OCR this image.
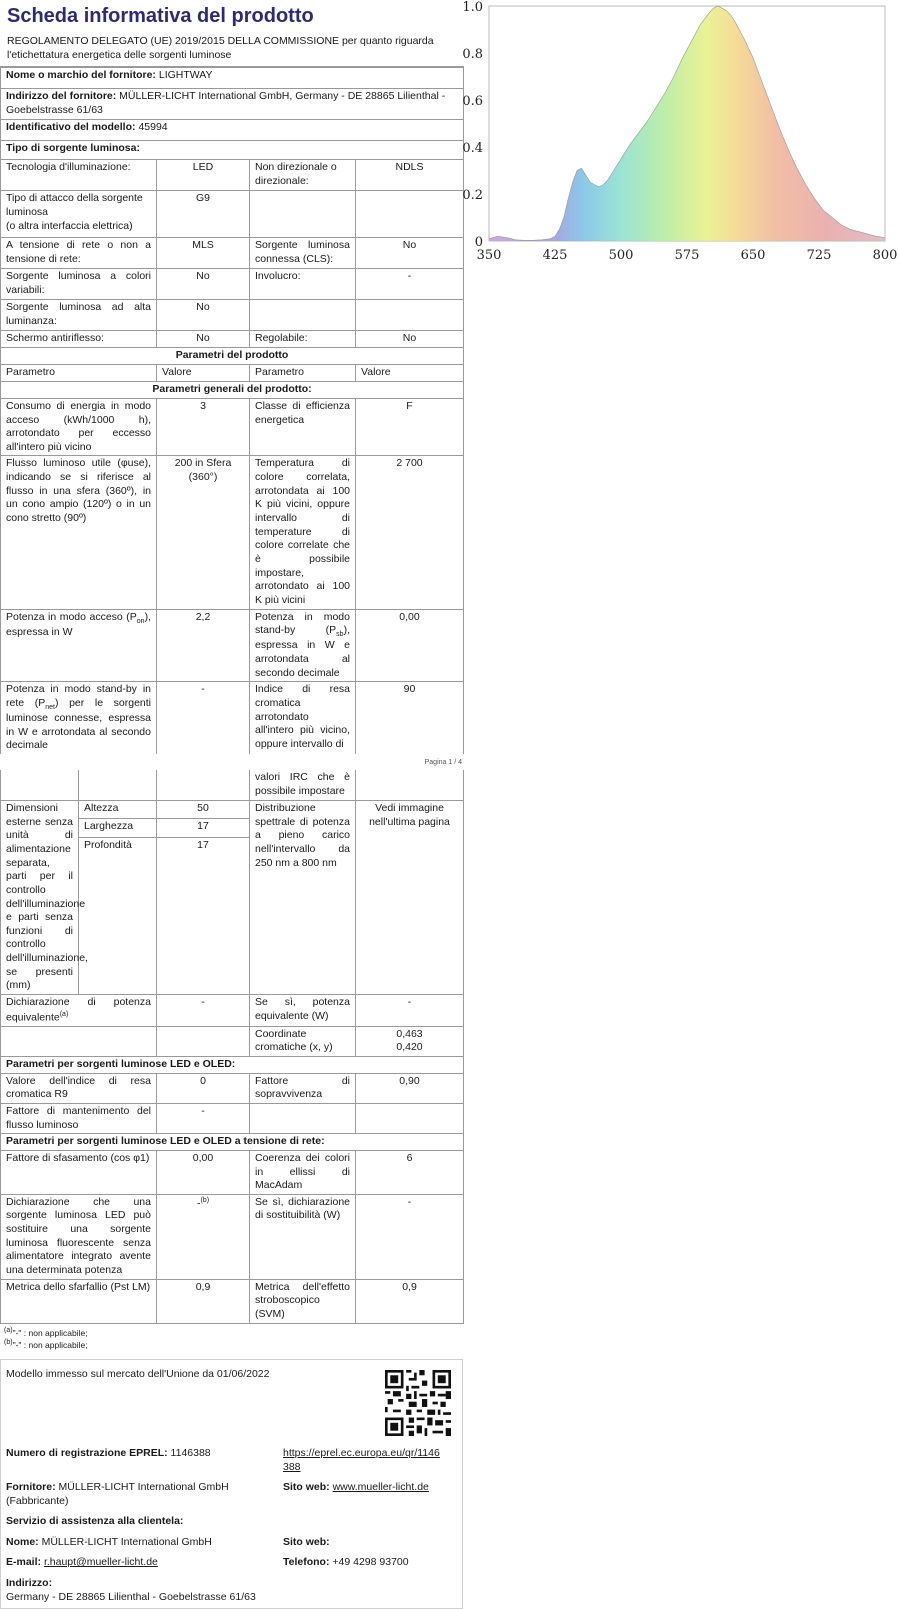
Scheda informativa del prodotto
REGOLAMENTO DELEGATO (UE) 2019/2015 DELLA COMMISSIONE per quanto riguarda l'etichettatura energetica delle sorgenti luminose
Nome o marchio del fornitore: LIGHTWAY			
Indirizzo del fornitore: MÜLLER-LICHT International GmbH, Germany - DE 28865 Lilienthal - Goebelstrasse 61/63			
Identificativo del modello: 45994			
Tipo di sorgente luminosa:			
Tecnologia d'illuminazione:	LED	Non direzionale o direzionale:	NDLS
Tipo di attacco della sorgente luminosa
(o altra interfaccia elettrica)	G9		
A tensione di rete o non a tensione di rete:	MLS	Sorgente luminosa connessa (CLS):	No
Sorgente luminosa a colori variabili:	No	Involucro:	-
Sorgente luminosa ad alta luminanza:	No		
Schermo antiriflesso:	No	Regolabile:	No
Parametri del prodotto			
Parametro	Valore	Parametro	Valore
Parametri generali del prodotto:			
Consumo di energia in modo acceso (kWh/1000 h), arrotondato per eccesso all'intero più vicino	3	Classe di efficienza energetica	F
Flusso luminoso utile (φuse), indicando se si riferisce al flusso in una sfera (360º), in un cono ampio (120º) o in un cono stretto (90º)	200 in Sfera (360°)	Temperatura di colore correlata, arrotondata ai 100 K più vicini, oppure intervallo di temperature di colore correlate che è possibile impostare, arrotondato ai 100 K più vicini	2 700
Potenza in modo acceso $(P_{on})$, espressa in W	2,2	Potenza in modo stand-by $(P_{sb})$, espressa in W e arrotondata al secondo decimale	0,00
Potenza in modo stand-by in rete $(P_{net})$ per le sorgenti luminose connesse, espressa in W e arrotondata al secondo decimale	-	Indice di resa cromatica arrotondato all'intero più vicino, oppure intervallo di	90
Pagina 1 / 4
			valori IRC che è possibile impostare	
Dimensioni esterne senza unità di alimentazione separata, parti per il controllo dell'illuminazione e parti senza funzioni di controllo dell'illuminazione, se presenti (mm)	Altezza	50	Distribuzione spettrale di potenza a pieno carico nell'intervallo da 250 nm a 800 nm	Vedi immagine nell'ultima pagina
	Larghezza	17		
	Profondità	17		
Dichiarazione di potenza equivalente$^{(a)}$		-	Se sì, potenza equivalente (W)	-
			Coordinate cromatiche (x, y)	0,463
0,420
Parametri per sorgenti luminose LED e OLED:				
Valore dell'indice di resa cromatica R9		0	Fattore di sopravvivenza	0,90
Fattore di mantenimento del flusso luminoso		-		
Parametri per sorgenti luminose LED e OLED a tensione di rete:				
Fattore di sfasamento (cos φ1)		0,00	Coerenza dei colori in ellissi di MacAdam	6
Dichiarazione che una sorgente luminosa LED può sostituire una sorgente luminosa fluorescente senza alimentatore integrato avente una determinata potenza		-$^{(b)}$	Se sì, dichiarazione di sostituibilità (W)	-
Metrica dello sfarfallio (Pst LM)		0,9	Metrica dell'effetto stroboscopico (SVM)	0,9
$^{(a)}$"-" : non applicabile;
$^{(b)}$"-" : non applicabile;
Modello immesso sul mercato dell'Unione da 01/06/2022
Numero di registrazione EPREL: 1146388	https://eprel.ec.europa.eu/qr/1146388
Fornitore: MÜLLER-LICHT International GmbH (Fabbricante)
Sito web: www.mueller-licht.de
Servizio di assistenza alla clientela:
Nome: MÜLLER-LICHT International GmbH	Sito web:
E-mail: r.haupt@mueller-licht.de	Telefono: +49 4298 93700
Indirizzo:
Germany - DE 28865 Lilienthal - Goebelstrasse 61/63
0
0.2
0.4
0.6
0.8
1.0
350	425	500	575	650	725	800
